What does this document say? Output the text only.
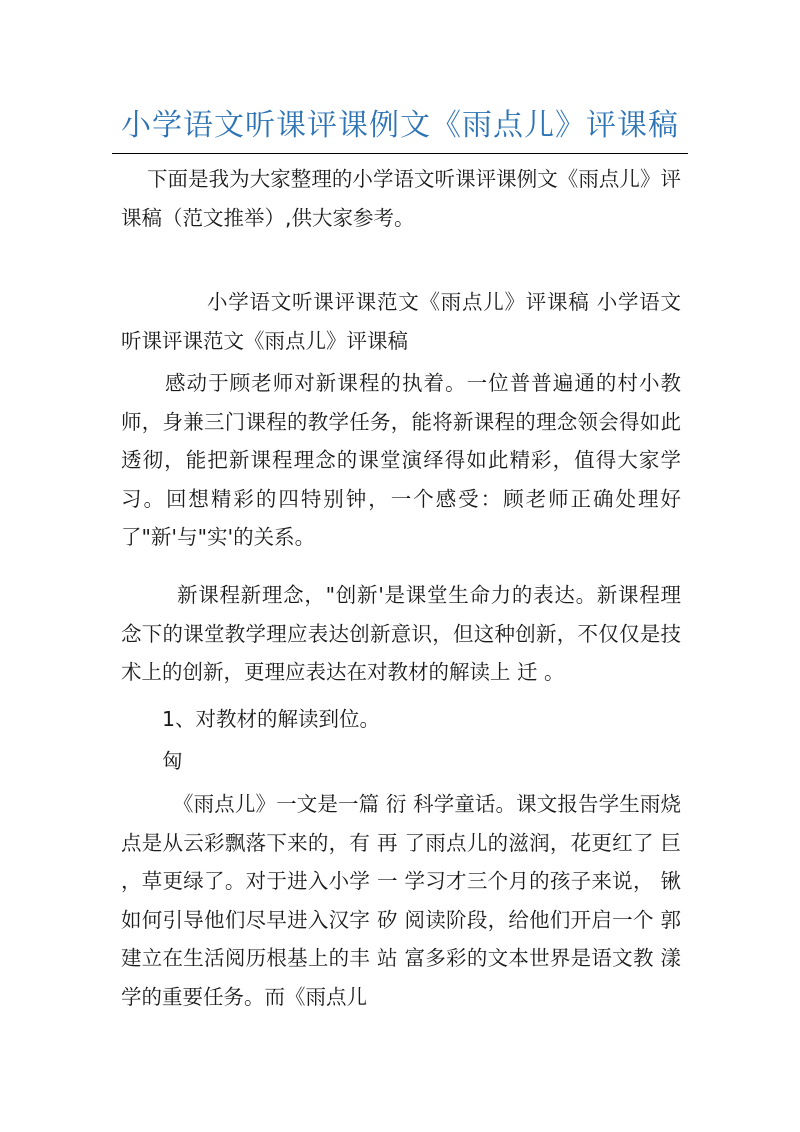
小学语文听课评课例文《雨点儿》评课稿

下面是我为大家整理的小学语文听课评课例文《雨点儿》评课稿（范文推举）,供大家参考。

小学语文听课评课范文《雨点儿》评课稿 小学语文听课评课范文《雨点儿》评课稿

感动于顾老师对新课程的执着。一位普普遍通的村小教师，身兼三门课程的教学任务，能将新课程的理念领会得如此透彻，能把新课程理念的课堂演绎得如此精彩，值得大家学习。回想精彩的四特别钟，一个感受：顾老师正确处理好了"新'与"实'的关系。

新课程新理念，"创新'是课堂生命力的表达。新课程理念下的课堂教学理应表达创新意识，但这种创新，不仅仅是技术上的创新，更理应表达在对教材的解读上 迁 。

1、对教材的解读到位。

匈

《雨点儿》一文是一篇 衍 科学童话。课文报告学生雨烧 点是从云彩飘落下来的，有 再 了雨点儿的滋润，花更红了 巨 ，草更绿了。对于进入小学 一 学习才三个月的孩子来说， 锹 如何引导他们尽早进入汉字 矽 阅读阶段，给他们开启一个 郭 建立在生活阅历根基上的丰 站 富多彩的文本世界是语文教 漾 学的重要任务。而《雨点儿
